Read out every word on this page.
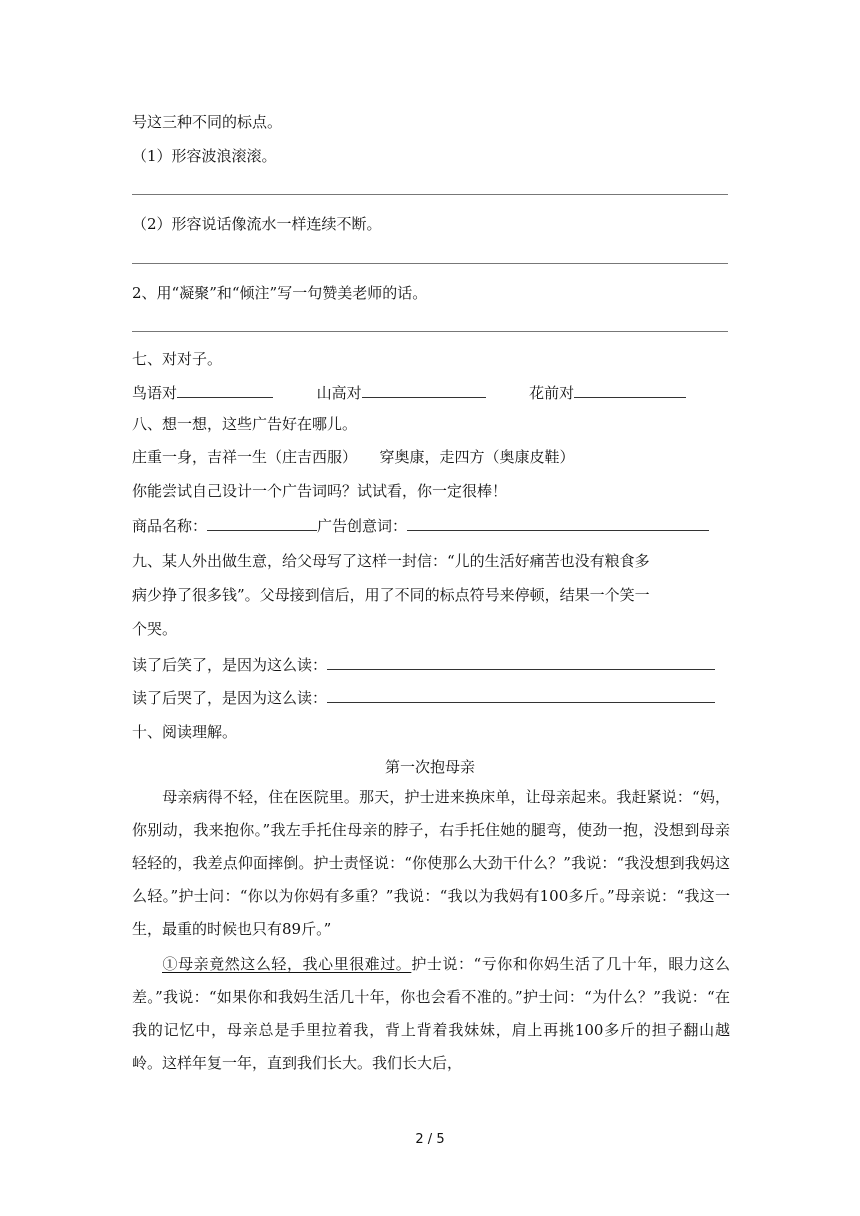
号这三种不同的标点。
（1）形容波浪滚滚。
（2）形容说话像流水一样连续不断。
2、用“凝聚”和“倾注”写一句赞美老师的话。
七、对对子。
鸟语对	山高对	花前对
八、想一想，这些广告好在哪儿。
庄重一身，吉祥一生（庄吉西服）　　穿奥康，走四方（奥康皮鞋）
你能尝试自己设计一个广告词吗？试试看，你一定很棒！
商品名称：	广告创意词：
九、某人外出做生意，给父母写了这样一封信：“儿的生活好痛苦也没有粮食多
病少挣了很多钱”。父母接到信后，用了不同的标点符号来停顿，结果一个笑一
个哭。
读了后笑了，是因为这么读：
读了后哭了，是因为这么读：
十、阅读理解。
第一次抱母亲
　　母亲病得不轻，住在医院里。那天，护士进来换床单，让母亲起来。我赶紧说：“妈，你别动，我来抱你。”我左手托住母亲的脖子，右手托住她的腿弯，使劲一抱，没想到母亲轻轻的，我差点仰面摔倒。护士责怪说：“你使那么大劲干什么？”我说：“我没想到我妈这么轻。”护士问：“你以为你妈有多重？”我说：“我以为我妈有100多斤。”母亲说：“我这一生，最重的时候也只有89斤。”
①母亲竟然这么轻，我心里很难过。护士说：“亏你和你妈生活了几十年，眼力这么差。”我说：“如果你和我妈生活几十年，你也会看不准的。”护士问：“为什么？”我说：“在我的记忆中，母亲总是手里拉着我，背上背着我妹妹，肩上再挑100多斤的担子翻山越岭。这样年复一年，直到我们长大。我们长大后，
2 / 5
